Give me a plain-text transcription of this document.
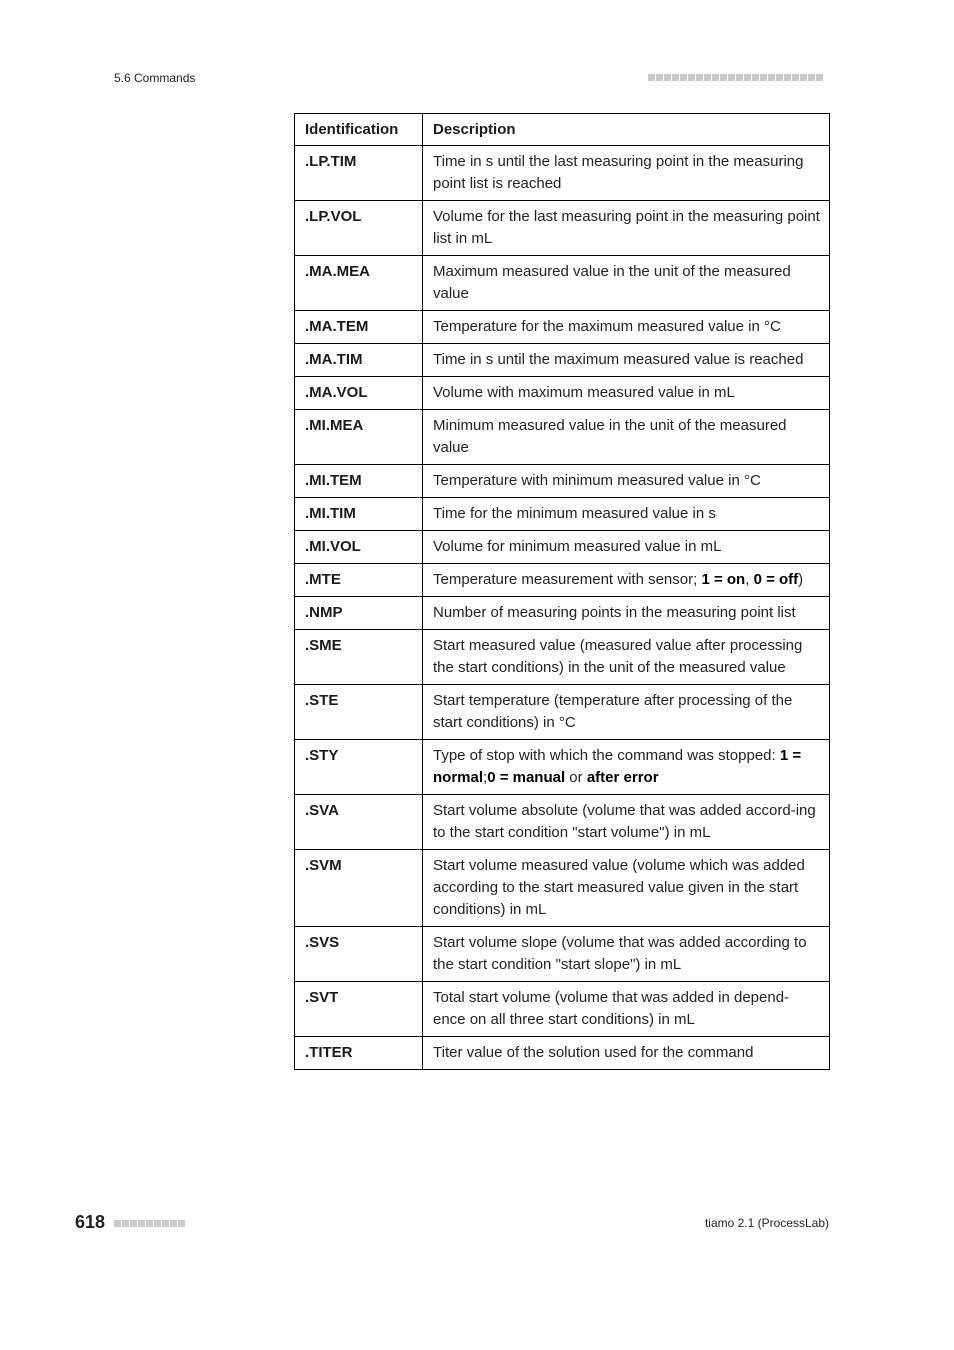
5.6 Commands
Identification	Description
.LP.TIM	Time in s until the last measuring point in the measuring point list is reached
.LP.VOL	Volume for the last measuring point in the measuring point list in mL
.MA.MEA	Maximum measured value in the unit of the measured value
.MA.TEM	Temperature for the maximum measured value in °C
.MA.TIM	Time in s until the maximum measured value is reached
.MA.VOL	Volume with maximum measured value in mL
.MI.MEA	Minimum measured value in the unit of the measured value
.MI.TEM	Temperature with minimum measured value in °C
.MI.TIM	Time for the minimum measured value in s
.MI.VOL	Volume for minimum measured value in mL
.MTE	Temperature measurement with sensor; 1 = on, 0 = off)
.NMP	Number of measuring points in the measuring point list
.SME	Start measured value (measured value after processing the start conditions) in the unit of the measured value
.STE	Start temperature (temperature after processing of the start conditions) in °C
.STY	Type of stop with which the command was stopped: 1 = normal;0 = manual or after error
.SVA	Start volume absolute (volume that was added accord-ing to the start condition "start volume") in mL
.SVM	Start volume measured value (volume which was added according to the start measured value given in the start conditions) in mL
.SVS	Start volume slope (volume that was added according to the start condition "start slope") in mL
.SVT	Total start volume (volume that was added in depend-ence on all three start conditions) in mL
.TITER	Titer value of the solution used for the command
618	tiamo 2.1 (ProcessLab)
